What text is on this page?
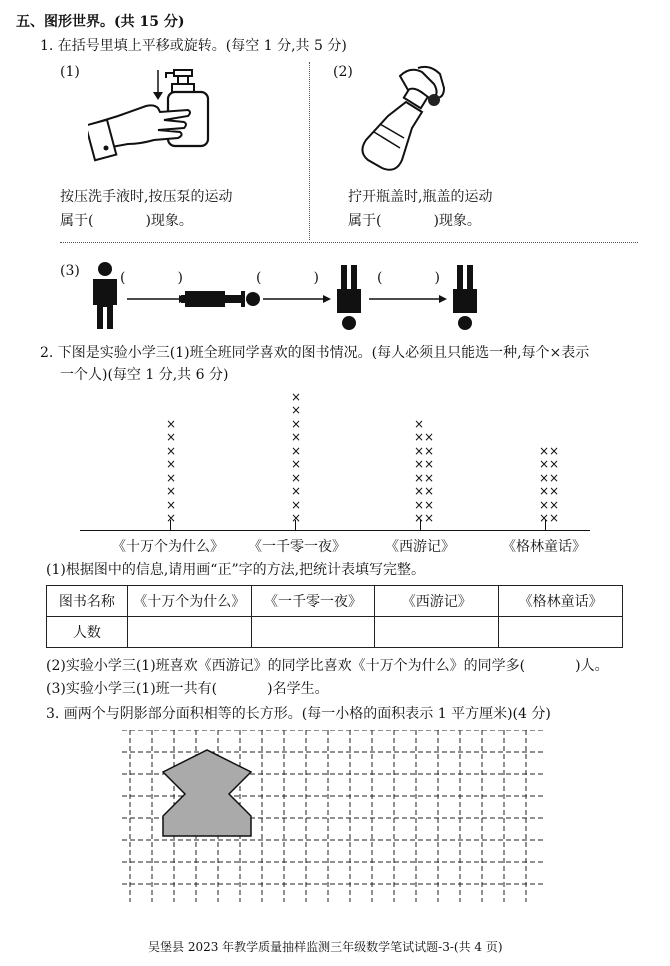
五、图形世界。(共 15 分)
1. 在括号里填上平移或旋转。(每空 1 分,共 5 分)
(1)
按压洗手液时,按压泵的运动
属于(	)现象。
(2)
拧开瓶盖时,瓶盖的运动
属于(	)现象。
(3)	(	)	(	)	(	)
2. 下图是实验小学三(1)班全班同学喜欢的图书情况。(每人必须且只能选一种,每个×表示
一个人)(每空 1 分,共 6 分)
×
×
×
×
×
×
×
×
×
×
×
×
×
×
×
×
×
×
×
××
××
××
××
××
××
××
××
××
××
××
××
××
《十万个为什么》 《一千零一夜》	《西游记》	《格林童话》
(1)根据图中的信息,请用画“正”字的方法,把统计表填写完整。
图书名称	《十万个为什么》	《一千零一夜》	《西游记》	《格林童话》
人数				
(2)实验小学三(1)班喜欢《西游记》的同学比喜欢《十万个为什么》的同学多(	)人。
(3)实验小学三(1)班一共有(	)名学生。
3. 画两个与阴影部分面积相等的长方形。(每一小格的面积表示 1 平方厘米)(4 分)
吴堡县 2023 年教学质量抽样监测三年级数学笔试试题-3-(共 4 页)
